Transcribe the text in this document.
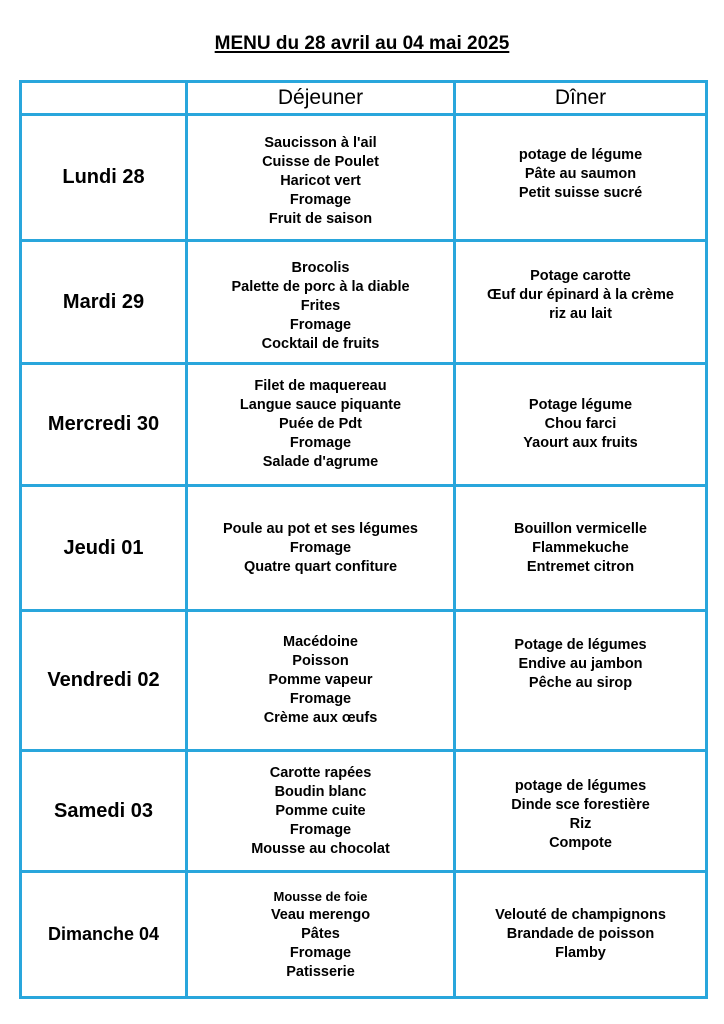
MENU du 28 avril au 04 mai 2025
	Déjeuner	Dîner
Lundi 28	Saucisson à l'ail
Cuisse de Poulet
Haricot vert
Fromage
Fruit de saison	potage de légume
Pâte au saumon
Petit suisse sucré

Mardi 29	Brocolis
Palette de porc à la diable
Frites
Fromage
Cocktail de fruits	Potage carotte
Œuf dur épinard à la crème
riz au lait

Mercredi 30	Filet de maquereau
Langue sauce piquante
Puée de Pdt
Fromage
Salade d'agrume	Potage légume
Chou farci
Yaourt aux fruits

Jeudi 01	Poule au pot et ses légumes
Fromage
Quatre quart confiture	Bouillon vermicelle
Flammekuche
Entremet citron

Vendredi 02	Macédoine
Poisson
Pomme vapeur
Fromage
Crème aux œufs	Potage de légumes
Endive au jambon
Pêche au sirop

Samedi 03	Carotte rapées
Boudin blanc
Pomme cuite
Fromage
Mousse au chocolat	potage de légumes
Dinde sce forestière
Riz
Compote

Dimanche 04	Mousse de foie
Veau merengo
Pâtes
Fromage
Patisserie	Velouté de champignons
Brandade de poisson
Flamby
